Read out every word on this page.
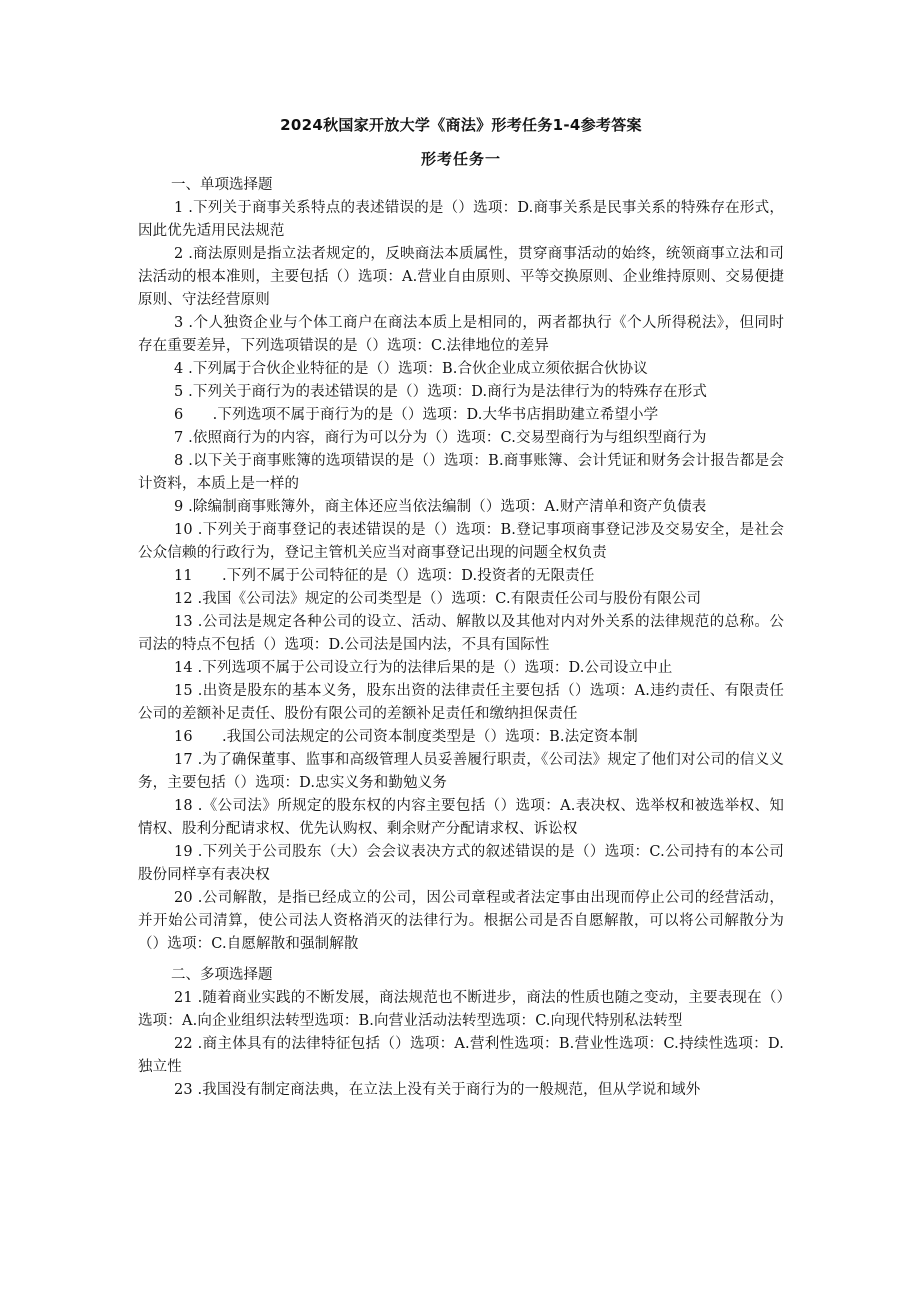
2024秋国家开放大学《商法》形考任务1-4参考答案
形考任务一
一、单项选择题

1 .下列关于商事关系特点的表述错误的是（）选项：D.商事关系是民事关系的特殊存在形式，因此优先适用民法规范

2 .商法原则是指立法者规定的，反映商法本质属性，贯穿商事活动的始终，统领商事立法和司法活动的根本准则，主要包括（）选项：A.营业自由原则、平等交换原则、企业维持原则、交易便捷原则、守法经营原则

3 .个人独资企业与个体工商户在商法本质上是相同的，两者都执行《个人所得税法》，但同时存在重要差异，下列选项错误的是（）选项：C.法律地位的差异

4 .下列属于合伙企业特征的是（）选项：B.合伙企业成立须依据合伙协议

5 .下列关于商行为的表述错误的是（）选项：D.商行为是法律行为的特殊存在形式

6　　.下列选项不属于商行为的是（）选项：D.大华书店捐助建立希望小学

7 .依照商行为的内容，商行为可以分为（）选项：C.交易型商行为与组织型商行为

8 .以下关于商事账簿的选项错误的是（）选项：B.商事账簿、会计凭证和财务会计报告都是会计资料，本质上是一样的

9 .除编制商事账簿外，商主体还应当依法编制（）选项：A.财产清单和资产负债表

10 .下列关于商事登记的表述错误的是（）选项：B.登记事项商事登记涉及交易安全，是社会公众信赖的行政行为，登记主管机关应当对商事登记出现的问题全权负责

11　　.下列不属于公司特征的是（）选项：D.投资者的无限责任

12 .我国《公司法》规定的公司类型是（）选项：C.有限责任公司与股份有限公司

13 .公司法是规定各种公司的设立、活动、解散以及其他对内对外关系的法律规范的总称。公司法的特点不包括（）选项：D.公司法是国内法，不具有国际性

14 .下列选项不属于公司设立行为的法律后果的是（）选项：D.公司设立中止

15 .出资是股东的基本义务，股东出资的法律责任主要包括（）选项：A.违约责任、有限责任公司的差额补足责任、股份有限公司的差额补足责任和缴纳担保责任

16　　.我国公司法规定的公司资本制度类型是（）选项：B.法定资本制

17 .为了确保董事、监事和高级管理人员妥善履行职责，《公司法》规定了他们对公司的信义义务，主要包括（）选项：D.忠实义务和勤勉义务

18 .《公司法》所规定的股东权的内容主要包括（）选项：A.表决权、选举权和被选举权、知情权、股利分配请求权、优先认购权、剩余财产分配请求权、诉讼权

19 .下列关于公司股东（大）会会议表决方式的叙述错误的是（）选项：C.公司持有的本公司股份同样享有表决权

20 .公司解散，是指已经成立的公司，因公司章程或者法定事由出现而停止公司的经营活动，并开始公司清算，使公司法人资格消灭的法律行为。根据公司是否自愿解散，可以将公司解散分为（）选项：C.自愿解散和强制解散

二、多项选择题

21 .随着商业实践的不断发展，商法规范也不断进步，商法的性质也随之变动，主要表现在（）选项：A.向企业组织法转型选项：B.向营业活动法转型选项：C.向现代特别私法转型

22 .商主体具有的法律特征包括（）选项：A.营利性选项：B.营业性选项：C.持续性选项：D.独立性

23 .我国没有制定商法典，在立法上没有关于商行为的一般规范，但从学说和域外
